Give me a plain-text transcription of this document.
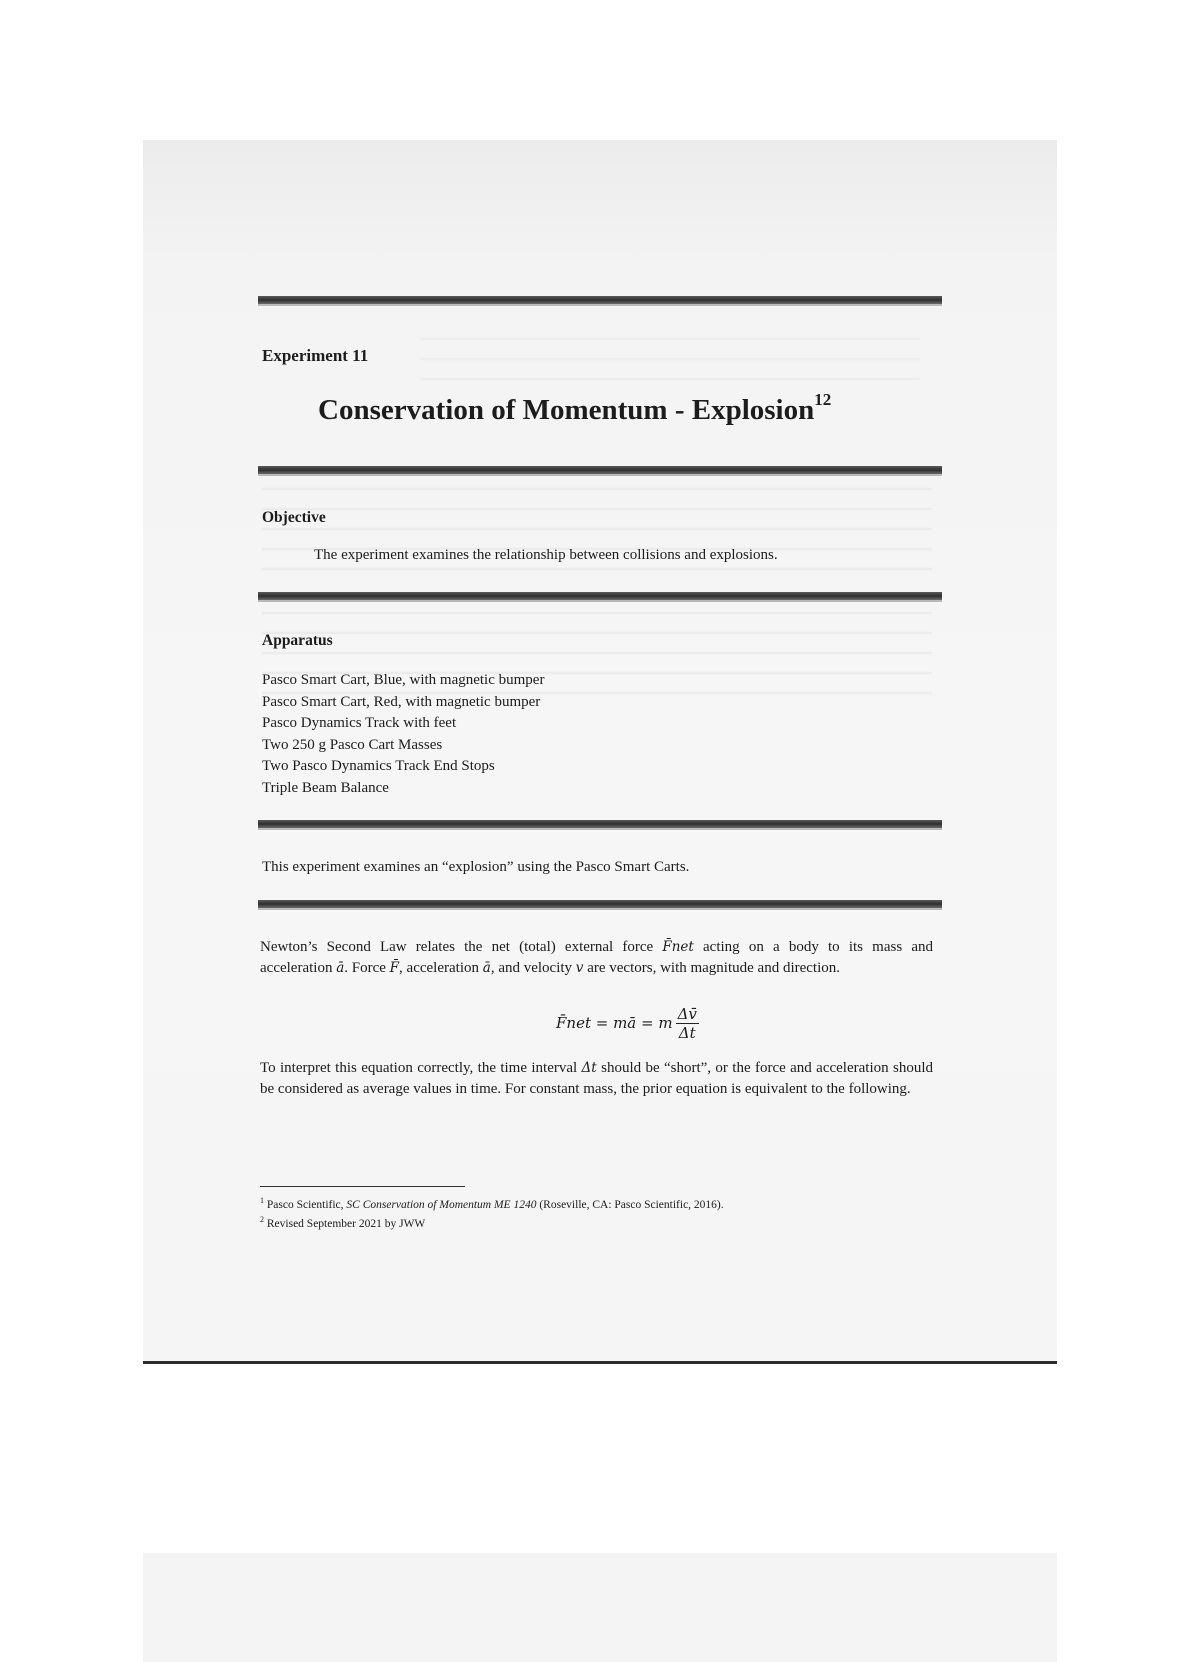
Experiment 11
Conservation of Momentum - Explosion$^{12}$
Objective
The experiment examines the relationship between collisions and explosions.
Apparatus
Pasco Smart Cart, Blue, with magnetic bumper
Pasco Smart Cart, Red, with magnetic bumper
Pasco Dynamics Track with feet
Two 250 g Pasco Cart Masses
Two Pasco Dynamics Track End Stops
Triple Beam Balance
This experiment examines an “explosion” using the Pasco Smart Carts.
Newton’s Second Law relates the net (total) external force F̄net acting on a body to its mass and
acceleration ā. Force F̄, acceleration ā, and velocity v are vectors, with magnitude and direction.
F̄net = mā = m $\frac{\Delta v̄}{\Delta t}$
To interpret this equation correctly, the time interval Δt should be “short”, or the force and acceleration should be considered as average values in time. For constant mass, the prior equation is equivalent to the following.
$^1$ Pasco Scientific, SC Conservation of Momentum ME 1240 (Roseville, CA: Pasco Scientific, 2016).
$^2$ Revised September 2021 by JWW
